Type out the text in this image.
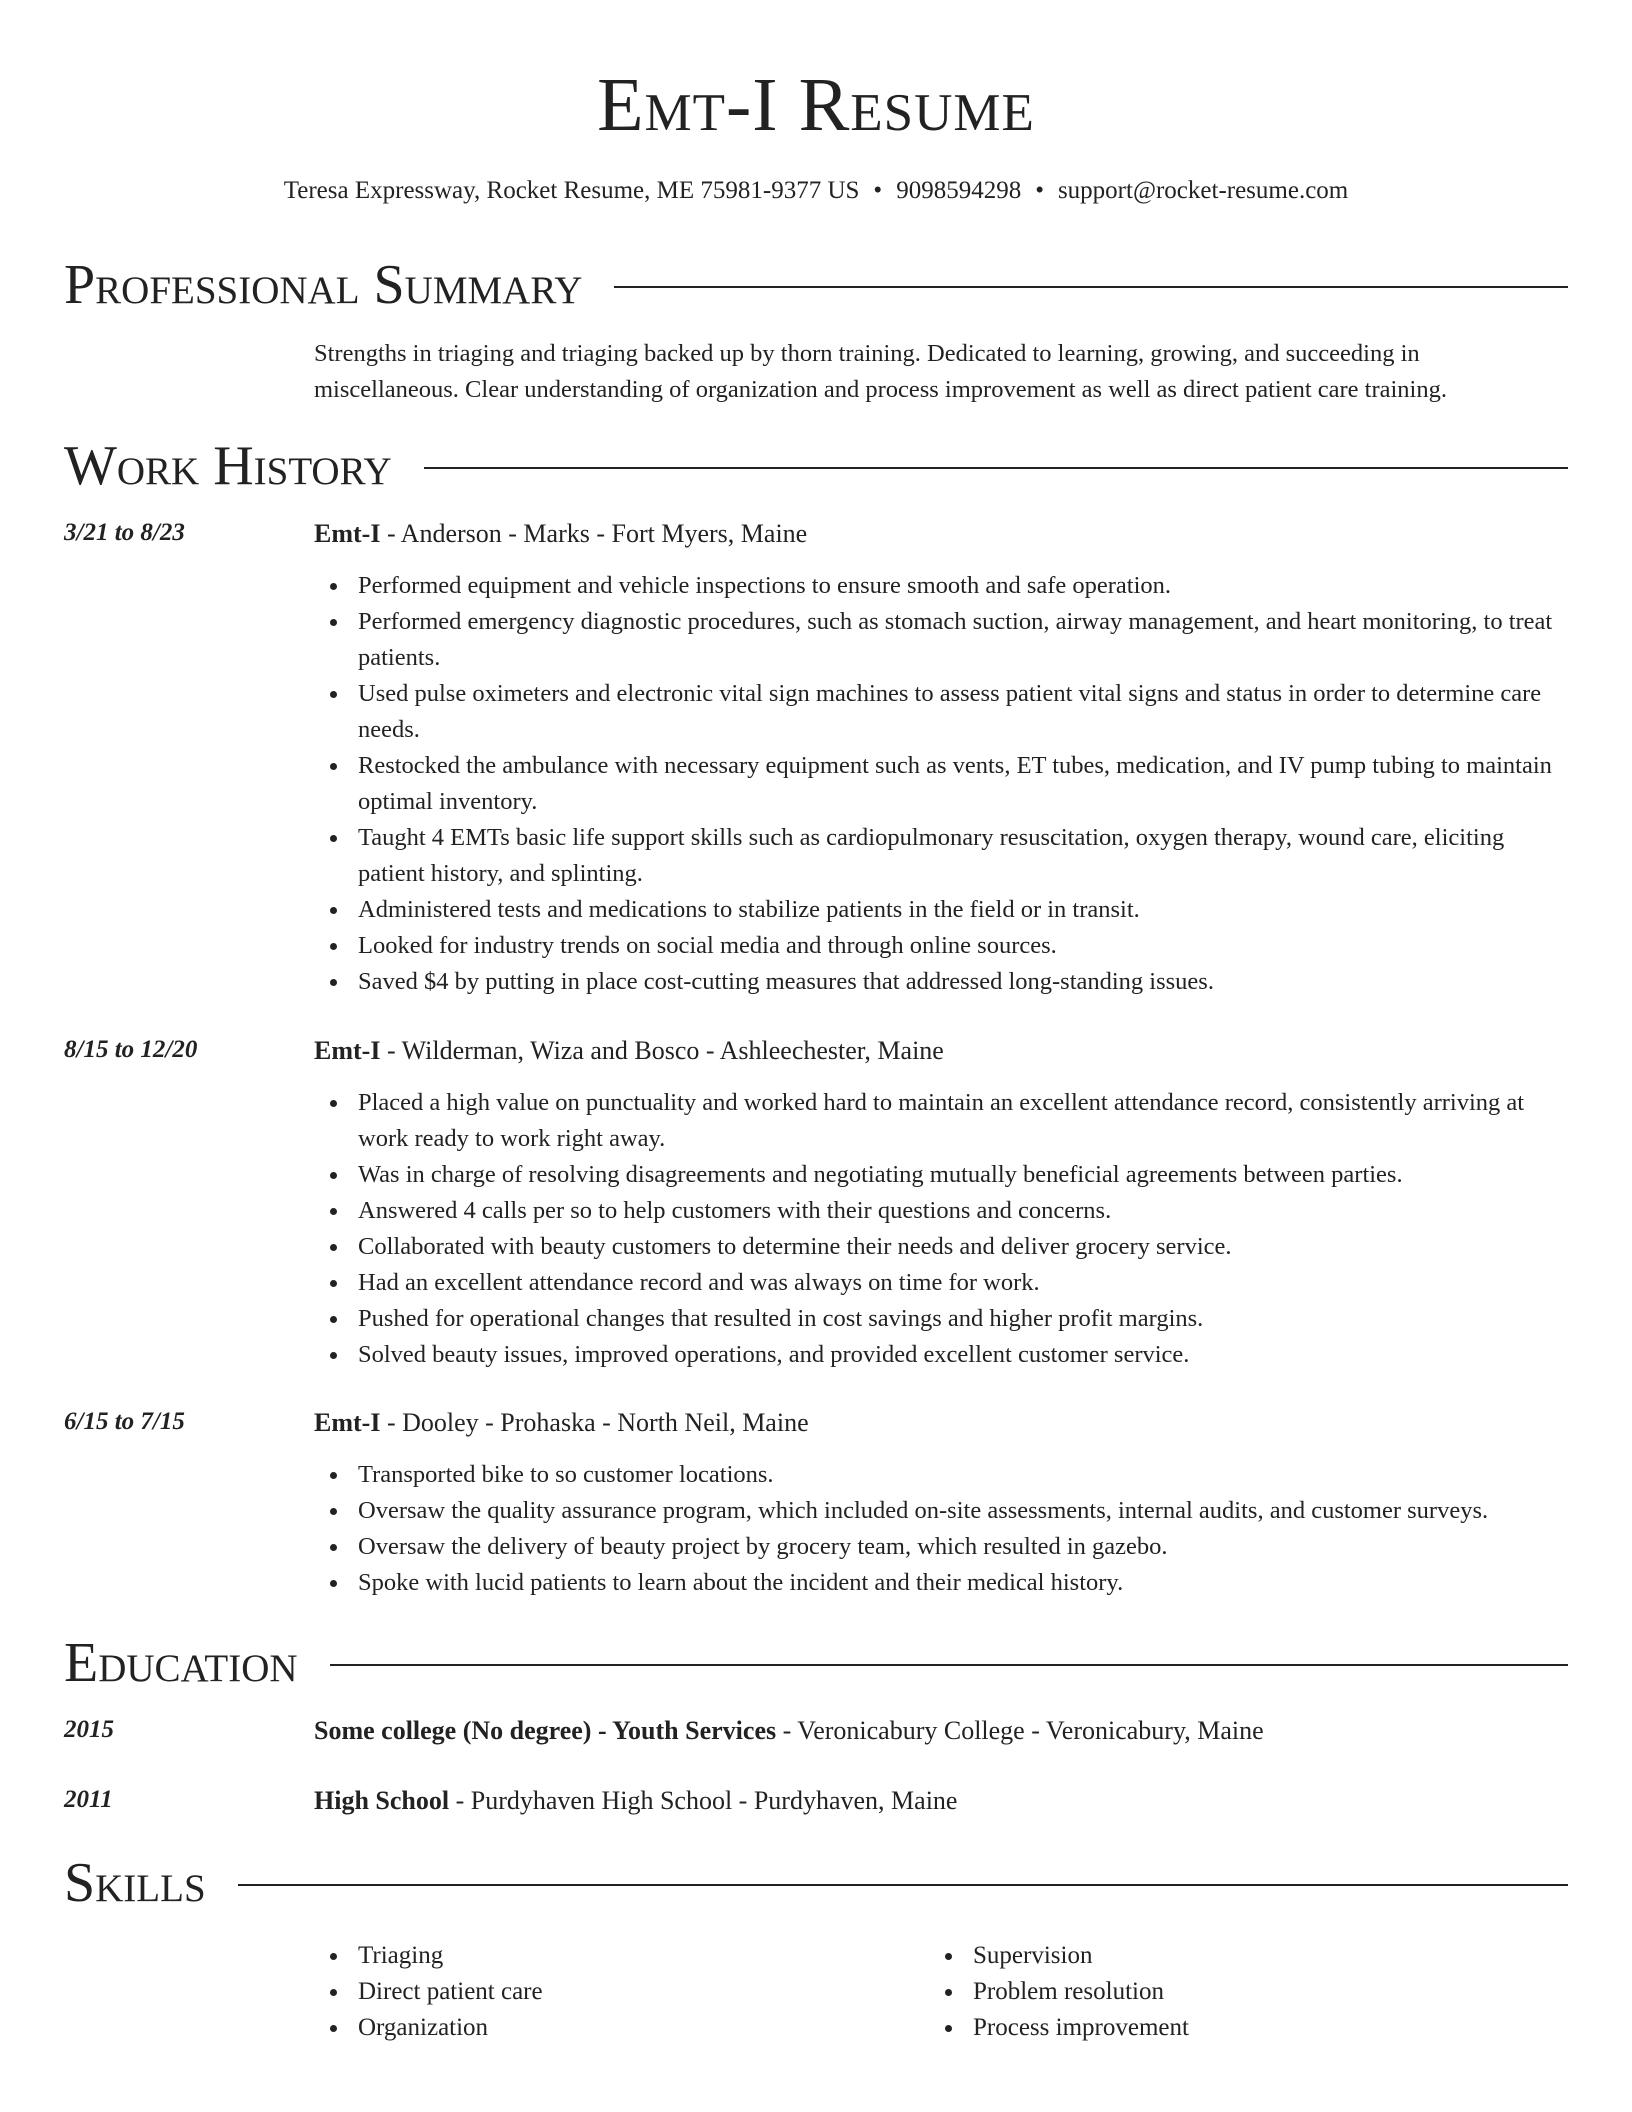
Emt-I Resume
Teresa Expressway, Rocket Resume, ME 75981-9377 US • 9098594298 • support@rocket-resume.com
Professional Summary
Strengths in triaging and triaging backed up by thorn training. Dedicated to learning, growing, and succeeding in miscellaneous. Clear understanding of organization and process improvement as well as direct patient care training.
Work History
3/21 to 8/23	Emt-I - Anderson - Marks - Fort Myers, Maine
Performed equipment and vehicle inspections to ensure smooth and safe operation.
Performed emergency diagnostic procedures, such as stomach suction, airway management, and heart monitoring, to treat patients.
Used pulse oximeters and electronic vital sign machines to assess patient vital signs and status in order to determine care needs.
Restocked the ambulance with necessary equipment such as vents, ET tubes, medication, and IV pump tubing to maintain optimal inventory.
Taught 4 EMTs basic life support skills such as cardiopulmonary resuscitation, oxygen therapy, wound care, eliciting patient history, and splinting.
Administered tests and medications to stabilize patients in the field or in transit.
Looked for industry trends on social media and through online sources.
Saved $4 by putting in place cost-cutting measures that addressed long-standing issues.
8/15 to 12/20	Emt-I - Wilderman, Wiza and Bosco - Ashleechester, Maine
Placed a high value on punctuality and worked hard to maintain an excellent attendance record, consistently arriving at work ready to work right away.
Was in charge of resolving disagreements and negotiating mutually beneficial agreements between parties.
Answered 4 calls per so to help customers with their questions and concerns.
Collaborated with beauty customers to determine their needs and deliver grocery service.
Had an excellent attendance record and was always on time for work.
Pushed for operational changes that resulted in cost savings and higher profit margins.
Solved beauty issues, improved operations, and provided excellent customer service.
6/15 to 7/15	Emt-I - Dooley - Prohaska - North Neil, Maine
Transported bike to so customer locations.
Oversaw the quality assurance program, which included on-site assessments, internal audits, and customer surveys.
Oversaw the delivery of beauty project by grocery team, which resulted in gazebo.
Spoke with lucid patients to learn about the incident and their medical history.
Education
2015	Some college (No degree) - Youth Services - Veronicabury College - Veronicabury, Maine
2011	High School - Purdyhaven High School - Purdyhaven, Maine
Skills
Triaging
Direct patient care
Organization
Supervision
Problem resolution
Process improvement
